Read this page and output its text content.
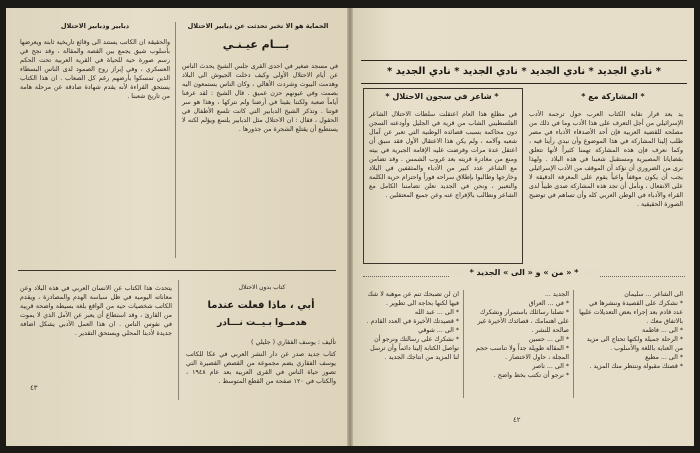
الحماية هو الا تخبر تحدثت عن دبابير الاحتلال
بـــام عيـنـي
في مسجد صغير في احدى القرى جلس الشيخ يحدث الناس عن أيام الاحتلال الأولى وكيف دخلت الجيوش الى البلاد وهدمت البيوت وشردت الأهالي ، وكان الناس يستمعون اليه بصمت وفي عيونهم حزن عميق . قال الشيخ : لقد عرفنا أياماً صعبة ولكننا بقينا في أرضنا ولم نتركها ، وهذا هو سر قوتنا . وتذكر الشيخ الدبابير التي كانت تلسع الأطفال في الحقول ، فقال : ان الاحتلال مثل الدبابير يلسع ويؤلم لكنه لا يستطيع أن يقتلع الشجرة من جذورها .
دبابير ودبابير الاحتلال
والحقيقة ان الكاتب يستند الى وقائع تاريخية ثابتة ويعرضها بأسلوب شيق يجمع بين القصة والمقالة ، وقد نجح في رسم صورة حية للحياة في القرية العربية تحت الحكم العسكري ، وفي إبراز روح الصمود لدى الناس البسطاء الذين تمسكوا بأرضهم رغم كل الصعاب . ان هذا الكتاب يستحق القراءة لأنه يقدم شهادة صادقة عن مرحلة هامة من تاريخ شعبنا .
كتاب بدون الاحتلال
أبي ، ماذا فعلت عندما
هدمــوا بـيــت نـــادر
تأليف : يوسف الفقاري ( جليلي )
كتاب جديد صدر عن دار النشر العربي في عكا للكاتب يوسف الفقاري يضم مجموعة من القصص القصيرة التي تصور حياة الناس في القرى العربية بعد عام ١٩٤٨ ، والكتاب في ١٢٠ صفحة من القطع المتوسط .
يتحدث هذا الكتاب عن الانسان العربي في هذه البلاد وعن معاناته اليومية في ظل سياسة الهدم والمصادرة ، ويقدم الكاتب شخصيات حية من الواقع بلغة بسيطة واضحة قريبة من القارئ ، وقد استطاع أن يعبر عن الأمل الذي لا يموت في نفوس الناس . ان هذا العمل الأدبي يشكل اضافة جديدة لأدبنا المحلي ويستحق التقدير .
٤٣
* نادي الجديد * نادي الجديد * نادي الجديد * نادي الجديد *
* المشاركة مع *
يد بعد قرار نقابة الكتاب العرب حول ترجمة الأدب الإسرائيلي من أجل التعرف على هذا الأدب وما في ذلك من مصلحة للقضية العربية فإن أحد الأصدقاء الأدباء في مصر طلب إلينا المشاركة في هذا الموضوع وأن نبدي رأينا فيه ، وكما نعرف فإن هذه المشاركة تهمنا كثيراً لأنها تتعلق بقضايانا المصيرية ومستقبل شعبنا في هذه البلاد . ولهذا نرى من الضروري أن نؤكد أن الموقف من الأدب الإسرائيلي يجب أن يكون موقفاً واعياً يقوم على المعرفة الدقيقة لا على الانفعال ، ونأمل أن تجد هذه المشاركة صدى طيباً لدى القراء والأدباء في الوطن العربي كله وأن تساهم في توضيح الصورة الحقيقية .
* شاعر في سجون الاحتلال *
في مطلع هذا العام اعتقلت سلطات الاحتلال الشاعر الفلسطيني الشاب من قرية في الجليل وأودعته السجن دون محاكمة بسبب قصائده الوطنية التي تعبر عن آمال شعبه وآلامه ، ولم يكن هذا الاعتقال الأول فقد سبق أن اعتقل عدة مرات وفرضت عليه الإقامة الجبرية في بيته ومنع من مغادرة قريته بعد غروب الشمس . وقد تضامن مع الشاعر عدد كبير من الأدباء والمثقفين في البلاد وخارجها وطالبوا بإطلاق سراحه فوراً واحترام حرية الكلمة والتعبير ، ونحن في الجديد نعلن تضامننا الكامل مع الشاعر ونطالب بالإفراج عنه وعن جميع المعتقلين .
* « من » و « الى » الجديد *
الى الشاعر ... سليمان
* نشكرك على القصيدة وننشرها في عدد قادم بعد إجراء بعض التعديلات عليها بالاتفاق معك .
* الى ... فاطمة
* الرحلة جميلة ولكنها تحتاج الى مزيد من العناية باللغة والأسلوب .
* الى ... مطيع
* قصتك مقبولة وننتظر منك المزيد .
الجديد ...
* في ... العراق
* تصلنا رسائلك باستمرار ونشكرك على اهتمامك ، قصائدك الأخيرة غير صالحة للنشر .
* الى ... حسين
* المقالة طويلة جداً ولا تناسب حجم المجلة ، حاول الاختصار .
* الى ... ناصر
* نرجو أن تكتب بخط واضح .
ان لن تصبحك تنم عن موهبة لا شك فيها لكنها بحاجة الى تطوير .
* الى ... عبد الله
* قصيدتك الأخيرة في العدد القادم .
* الى ... شوقي
* نشكرك على رسالتك ونرجو أن تواصل الكتابة إلينا دائماً وأن ترسل لنا المزيد من انتاجك الجديد .
٤٢
